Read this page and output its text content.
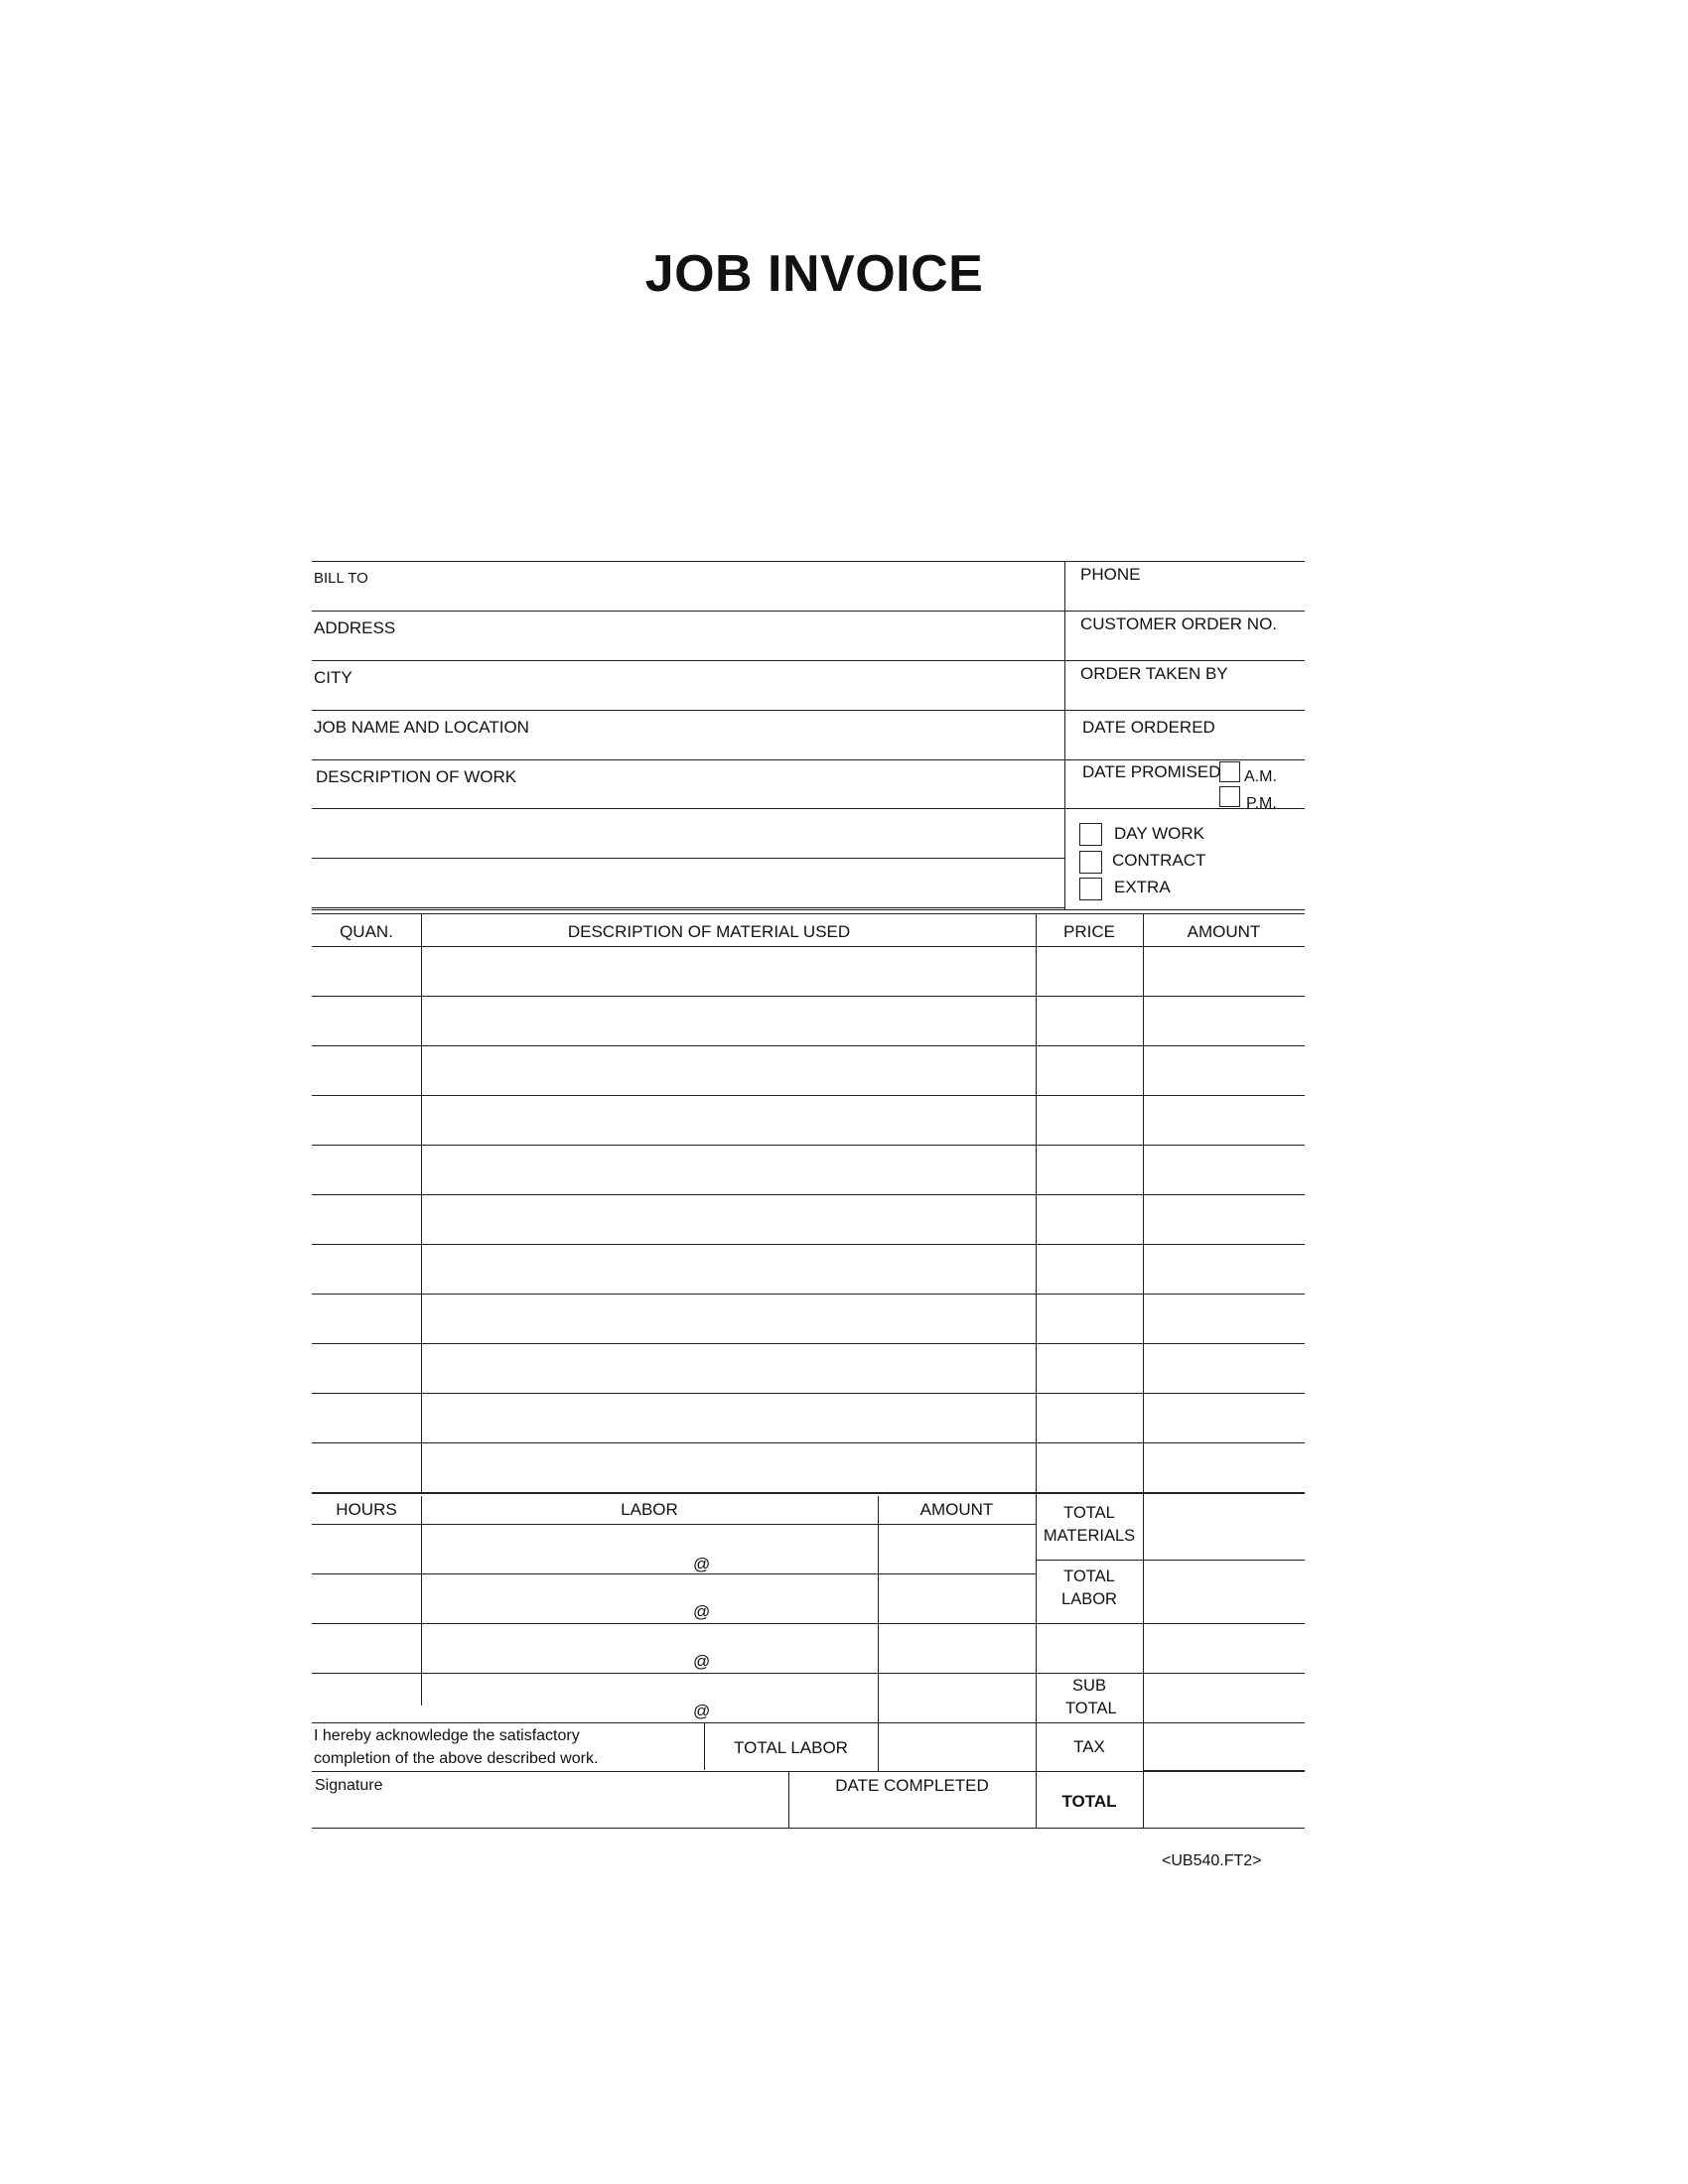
JOB INVOICE
BILL TO
ADDRESS
CITY
JOB NAME AND LOCATION
DESCRIPTION OF WORK
PHONE
CUSTOMER ORDER NO.
ORDER TAKEN BY
DATE ORDERED
DATE PROMISED A.M.
P.M.
DAY WORK
CONTRACT
EXTRA
QUAN.	DESCRIPTION OF MATERIAL USED	PRICE	AMOUNT
HOURS	LABOR	AMOUNT
@
@
@
@
I hereby acknowledge the satisfactory
completion of the above described work.
TOTAL LABOR
Signature	DATE COMPLETED
TOTAL MATERIALS
TOTAL LABOR
SUB TOTAL
TAX
TOTAL
<UB540.FT2>
